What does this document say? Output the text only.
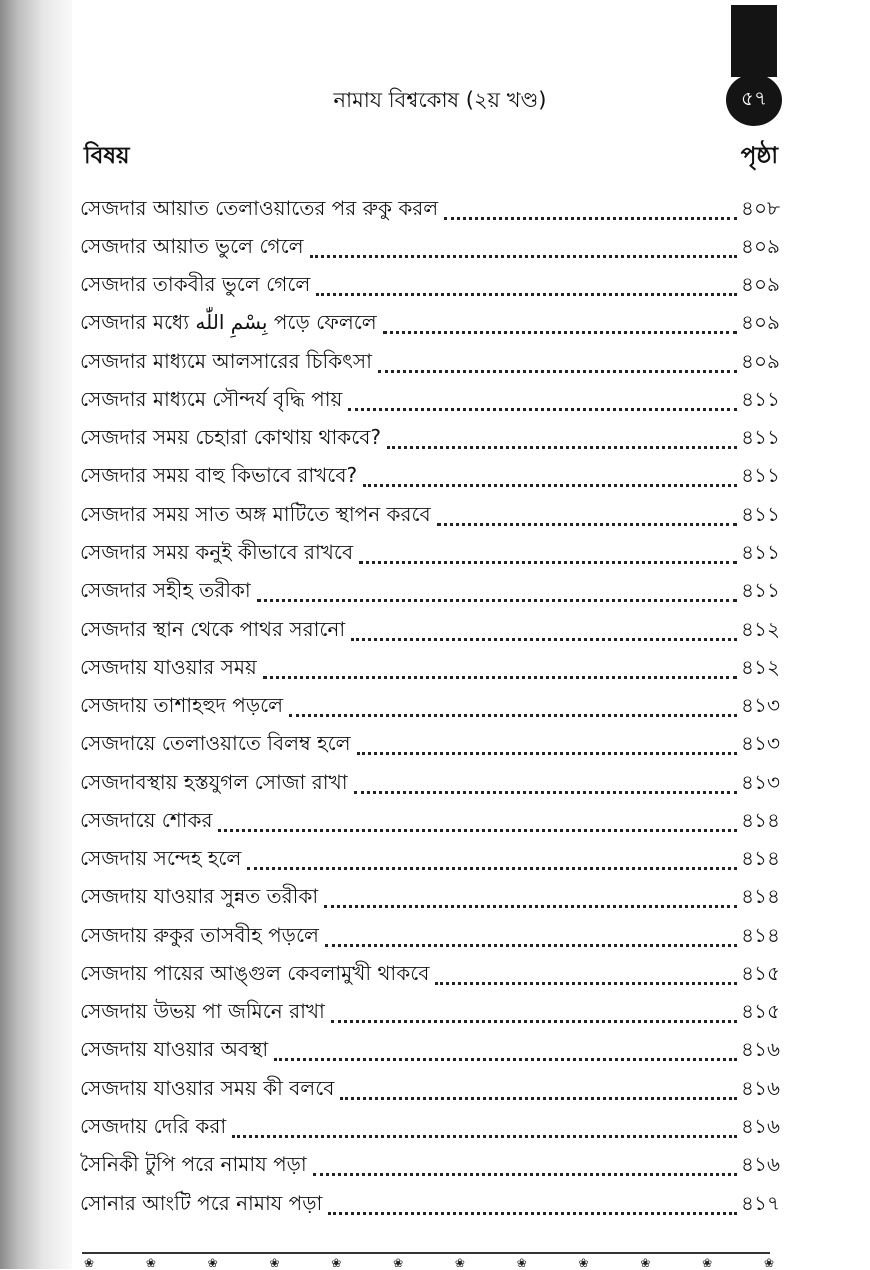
৫৭
নামায বিশ্বকোষ (২য় খণ্ড)
বিষয়	পৃষ্ঠা
সেজদার আয়াত তেলাওয়াতের পর রুকু করল	৪০৮
সেজদার আয়াত ভুলে গেলে	৪০৯
সেজদার তাকবীর ভুলে গেলে	৪০৯
সেজদার মধ্যে بِسْمِ اللّٰه পড়ে ফেললে	৪০৯
সেজদার মাধ্যমে আলসারের চিকিৎসা	৪০৯
সেজদার মাধ্যমে সৌন্দর্য বৃদ্ধি পায়	৪১১
সেজদার সময় চেহারা কোথায় থাকবে?	৪১১
সেজদার সময় বাহু কিভাবে রাখবে?	৪১১
সেজদার সময় সাত অঙ্গ মাটিতে স্থাপন করবে	৪১১
সেজদার সময় কনুই কীভাবে রাখবে	৪১১
সেজদার সহীহ তরীকা	৪১১
সেজদার স্থান থেকে পাথর সরানো	৪১২
সেজদায় যাওয়ার সময়	৪১২
সেজদায় তাশাহহুদ পড়লে	৪১৩
সেজদায়ে তেলাওয়াতে বিলম্ব হলে	৪১৩
সেজদাবস্থায় হস্তযুগল সোজা রাখা	৪১৩
সেজদায়ে শোকর	৪১৪
সেজদায় সন্দেহ হলে	৪১৪
সেজদায় যাওয়ার সুন্নত তরীকা	৪১৪
সেজদায় রুকুর তাসবীহ পড়লে	৪১৪
সেজদায় পায়ের আঙ্গুল কেবলামুখী থাকবে	৪১৫
সেজদায় উভয় পা জমিনে রাখা	৪১৫
সেজদায় যাওয়ার অবস্থা	৪১৬
সেজদায় যাওয়ার সময় কী বলবে	৪১৬
সেজদায় দেরি করা	৪১৬
সৈনিকী টুপি পরে নামায পড়া	৪১৬
সোনার আংটি পরে নামায পড়া	৪১৭
❀	❀	❀	❀	❀	❀	❀	❀	❀	❀	❀	❀
